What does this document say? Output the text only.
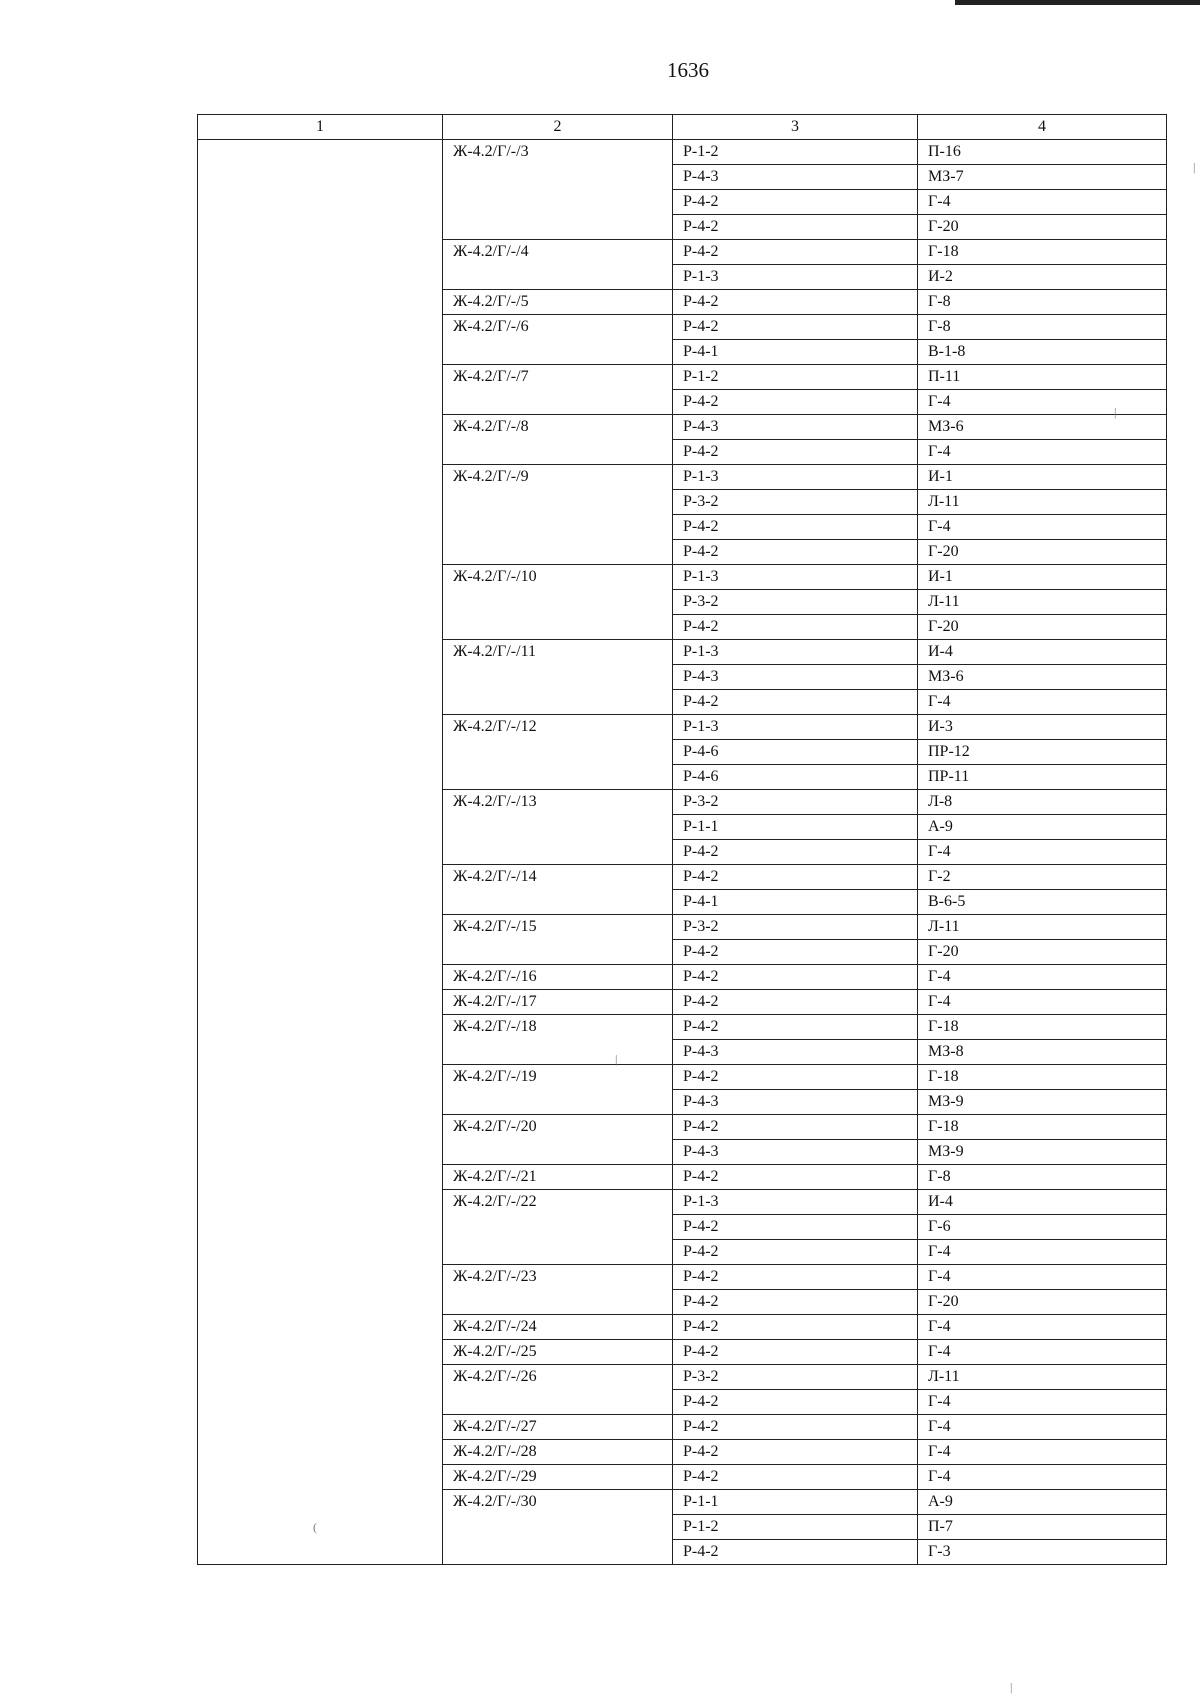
1636
1	2	3	4
	Ж-4.2/Г/-/3	Р-1-2	П-16
		Р-4-3	МЗ-7
		Р-4-2	Г-4
		Р-4-2	Г-20
	Ж-4.2/Г/-/4	Р-4-2	Г-18
		Р-1-3	И-2
	Ж-4.2/Г/-/5	Р-4-2	Г-8
	Ж-4.2/Г/-/6	Р-4-2	Г-8
		Р-4-1	В-1-8
	Ж-4.2/Г/-/7	Р-1-2	П-11
		Р-4-2	Г-4
	Ж-4.2/Г/-/8	Р-4-3	МЗ-6
		Р-4-2	Г-4
	Ж-4.2/Г/-/9	Р-1-3	И-1
		Р-3-2	Л-11
		Р-4-2	Г-4
		Р-4-2	Г-20
	Ж-4.2/Г/-/10	Р-1-3	И-1
		Р-3-2	Л-11
		Р-4-2	Г-20
	Ж-4.2/Г/-/11	Р-1-3	И-4
		Р-4-3	МЗ-6
		Р-4-2	Г-4
	Ж-4.2/Г/-/12	Р-1-3	И-3
		Р-4-6	ПР-12
		Р-4-6	ПР-11
	Ж-4.2/Г/-/13	Р-3-2	Л-8
		Р-1-1	А-9
		Р-4-2	Г-4
	Ж-4.2/Г/-/14	Р-4-2	Г-2
		Р-4-1	В-6-5
	Ж-4.2/Г/-/15	Р-3-2	Л-11
		Р-4-2	Г-20
	Ж-4.2/Г/-/16	Р-4-2	Г-4
	Ж-4.2/Г/-/17	Р-4-2	Г-4
	Ж-4.2/Г/-/18	Р-4-2	Г-18
		Р-4-3	МЗ-8
	Ж-4.2/Г/-/19	Р-4-2	Г-18
		Р-4-3	МЗ-9
	Ж-4.2/Г/-/20	Р-4-2	Г-18
		Р-4-3	МЗ-9
	Ж-4.2/Г/-/21	Р-4-2	Г-8
	Ж-4.2/Г/-/22	Р-1-3	И-4
		Р-4-2	Г-6
		Р-4-2	Г-4
	Ж-4.2/Г/-/23	Р-4-2	Г-4
		Р-4-2	Г-20
	Ж-4.2/Г/-/24	Р-4-2	Г-4
	Ж-4.2/Г/-/25	Р-4-2	Г-4
	Ж-4.2/Г/-/26	Р-3-2	Л-11
		Р-4-2	Г-4
	Ж-4.2/Г/-/27	Р-4-2	Г-4
	Ж-4.2/Г/-/28	Р-4-2	Г-4
	Ж-4.2/Г/-/29	Р-4-2	Г-4
	Ж-4.2/Г/-/30	Р-1-1	А-9
		Р-1-2	П-7
		Р-4-2	Г-3
|
|
|
(
|
